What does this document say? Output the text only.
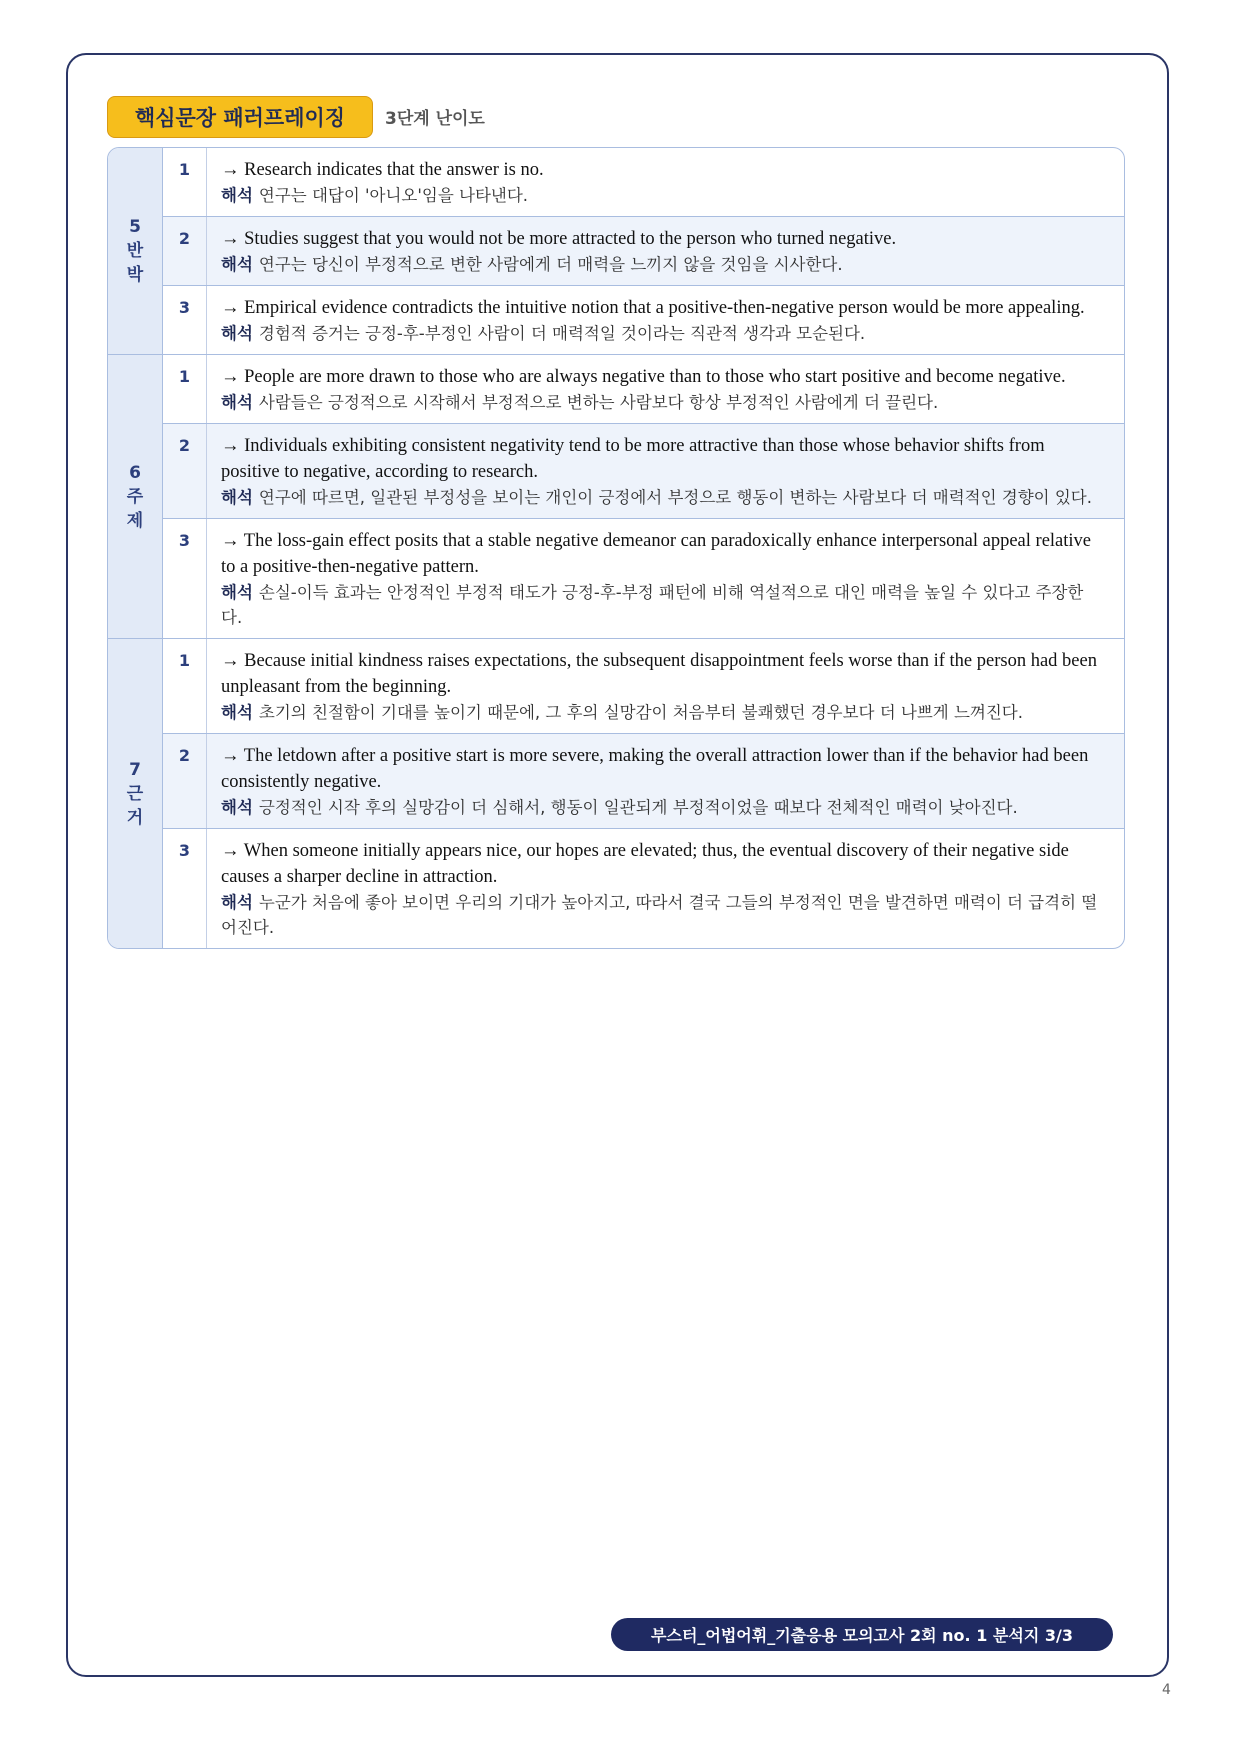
핵심문장 패러프레이징	3단계 난이도
5
반
박
1	→ Research indicates that the answer is no.
해석 연구는 대답이 '아니오'임을 나타낸다.
2	→ Studies suggest that you would not be more attracted to the person who turned negative.
해석 연구는 당신이 부정적으로 변한 사람에게 더 매력을 느끼지 않을 것임을 시사한다.
3	→ Empirical evidence contradicts the intuitive notion that a positive-then-negative person would be more appealing.
해석 경험적 증거는 긍정-후-부정인 사람이 더 매력적일 것이라는 직관적 생각과 모순된다.
6
주
제
1	→ People are more drawn to those who are always negative than to those who start positive and become negative.
해석 사람들은 긍정적으로 시작해서 부정적으로 변하는 사람보다 항상 부정적인 사람에게 더 끌린다.
2	→ Individuals exhibiting consistent negativity tend to be more attractive than those whose behavior shifts from positive to negative, according to research.
해석 연구에 따르면, 일관된 부정성을 보이는 개인이 긍정에서 부정으로 행동이 변하는 사람보다 더 매력적인 경향이 있다.
3	→ The loss-gain effect posits that a stable negative demeanor can paradoxically enhance interpersonal appeal relative to a positive-then-negative pattern.
해석 손실-이득 효과는 안정적인 부정적 태도가 긍정-후-부정 패턴에 비해 역설적으로 대인 매력을 높일 수 있다고 주장한다.
7
근
거
1	→ Because initial kindness raises expectations, the subsequent disappointment feels worse than if the person had been unpleasant from the beginning.
해석 초기의 친절함이 기대를 높이기 때문에, 그 후의 실망감이 처음부터 불쾌했던 경우보다 더 나쁘게 느껴진다.
2	→ The letdown after a positive start is more severe, making the overall attraction lower than if the behavior had been consistently negative.
해석 긍정적인 시작 후의 실망감이 더 심해서, 행동이 일관되게 부정적이었을 때보다 전체적인 매력이 낮아진다.
3	→ When someone initially appears nice, our hopes are elevated; thus, the eventual discovery of their negative side causes a sharper decline in attraction.
해석 누군가 처음에 좋아 보이면 우리의 기대가 높아지고, 따라서 결국 그들의 부정적인 면을 발견하면 매력이 더 급격히 떨어진다.
부스터_어법어휘_기출응용 모의고사 2회 no. 1 분석지 3/3
4
